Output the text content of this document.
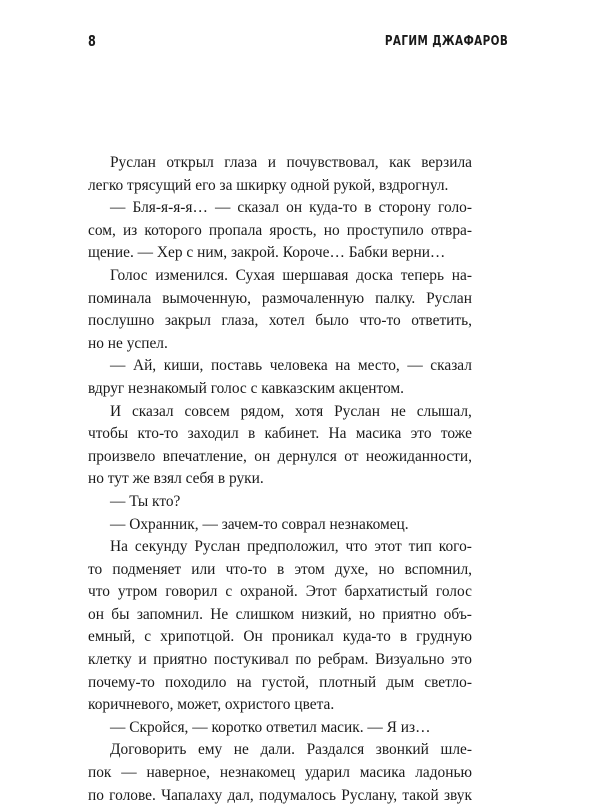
8	РАГИМ ДЖАФАРОВ
Руслан открыл глаза и почувствовал, как верзила
легко трясущий его за шкирку одной рукой, вздрогнул.
— Бля-я-я-я… — сказал он куда-то в сторону голо-
сом, из которого пропала ярость, но проступило отвра-
щение. — Хер с ним, закрой. Короче… Бабки верни…
Голос изменился. Сухая шершавая доска теперь на-
поминала вымоченную, размочаленную палку. Руслан
послушно закрыл глаза, хотел было что-то ответить,
но не успел.
— Ай, киши, поставь человека на место, — сказал
вдруг незнакомый голос с кавказским акцентом.
И сказал совсем рядом, хотя Руслан не слышал,
чтобы кто-то заходил в кабинет. На масика это тоже
произвело впечатление, он дернулся от неожиданности,
но тут же взял себя в руки.
— Ты кто?
— Охранник, — зачем-то соврал незнакомец.
На секунду Руслан предположил, что этот тип кого-
то подменяет или что-то в этом духе, но вспомнил,
что утром говорил с охраной. Этот бархатистый голос
он бы запомнил. Не слишком низкий, но приятно объ-
емный, с хрипотцой. Он проникал куда-то в грудную
клетку и приятно постукивал по ребрам. Визуально это
почему-то походило на густой, плотный дым светло-
коричневого, может, охристого цвета.
— Скройся, — коротко ответил масик. — Я из…
Договорить ему не дали. Раздался звонкий шле-
пок — наверное, незнакомец ударил масика ладонью
по голове. Чапалаху дал, подумалось Руслану, такой звук
